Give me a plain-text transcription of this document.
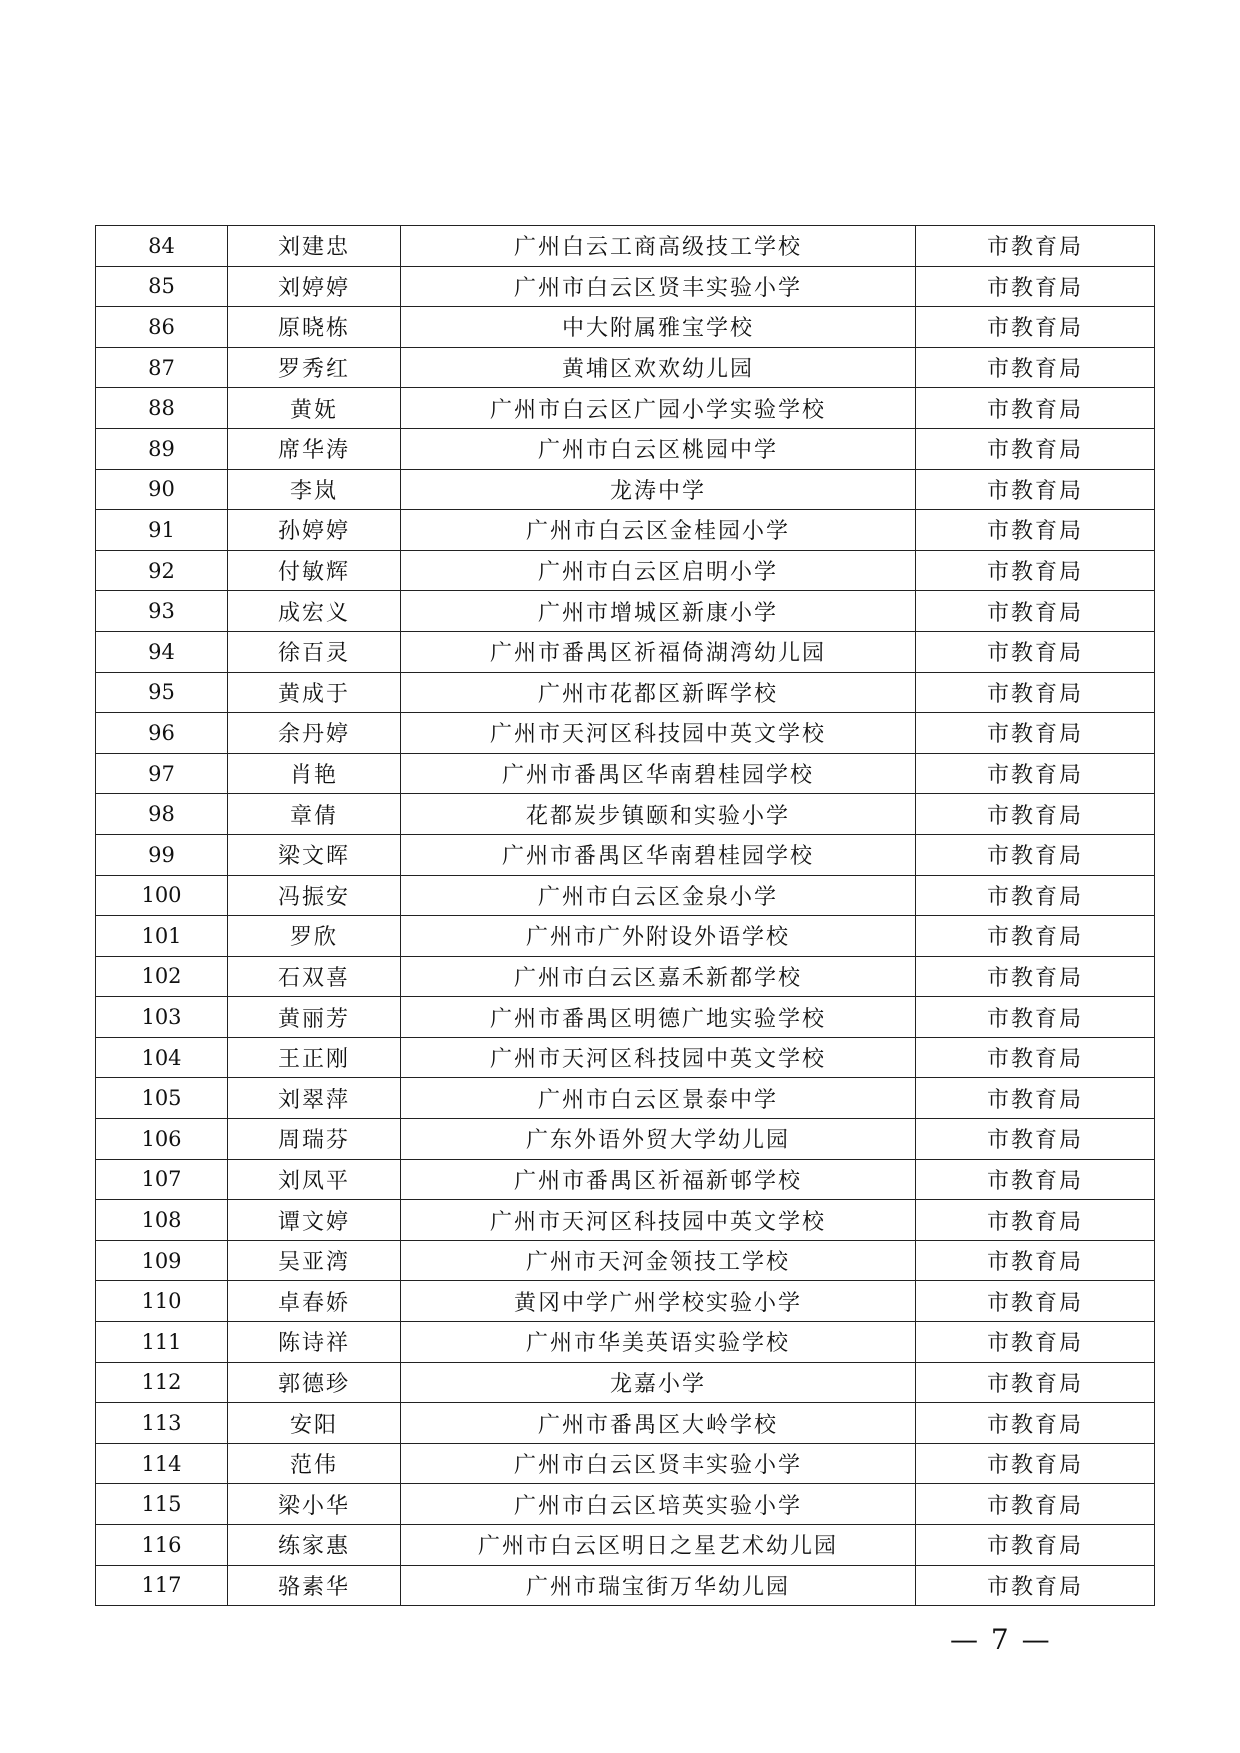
84	刘建忠	广州白云工商高级技工学校	市教育局
85	刘婷婷	广州市白云区贤丰实验小学	市教育局
86	原晓栋	中大附属雅宝学校	市教育局
87	罗秀红	黄埔区欢欢幼儿园	市教育局
88	黄妩	广州市白云区广园小学实验学校	市教育局
89	席华涛	广州市白云区桃园中学	市教育局
90	李岚	龙涛中学	市教育局
91	孙婷婷	广州市白云区金桂园小学	市教育局
92	付敏辉	广州市白云区启明小学	市教育局
93	成宏义	广州市增城区新康小学	市教育局
94	徐百灵	广州市番禺区祈福倚湖湾幼儿园	市教育局
95	黄成于	广州市花都区新晖学校	市教育局
96	余丹婷	广州市天河区科技园中英文学校	市教育局
97	肖艳	广州市番禺区华南碧桂园学校	市教育局
98	章倩	花都炭步镇颐和实验小学	市教育局
99	梁文晖	广州市番禺区华南碧桂园学校	市教育局
100	冯振安	广州市白云区金泉小学	市教育局
101	罗欣	广州市广外附设外语学校	市教育局
102	石双喜	广州市白云区嘉禾新都学校	市教育局
103	黄丽芳	广州市番禺区明德广地实验学校	市教育局
104	王正刚	广州市天河区科技园中英文学校	市教育局
105	刘翠萍	广州市白云区景泰中学	市教育局
106	周瑞芬	广东外语外贸大学幼儿园	市教育局
107	刘凤平	广州市番禺区祈福新邨学校	市教育局
108	谭文婷	广州市天河区科技园中英文学校	市教育局
109	吴亚湾	广州市天河金领技工学校	市教育局
110	卓春娇	黄冈中学广州学校实验小学	市教育局
111	陈诗祥	广州市华美英语实验学校	市教育局
112	郭德珍	龙嘉小学	市教育局
113	安阳	广州市番禺区大岭学校	市教育局
114	范伟	广州市白云区贤丰实验小学	市教育局
115	梁小华	广州市白云区培英实验小学	市教育局
116	练家惠	广州市白云区明日之星艺术幼儿园	市教育局
117	骆素华	广州市瑞宝街万华幼儿园	市教育局
— 7 —
